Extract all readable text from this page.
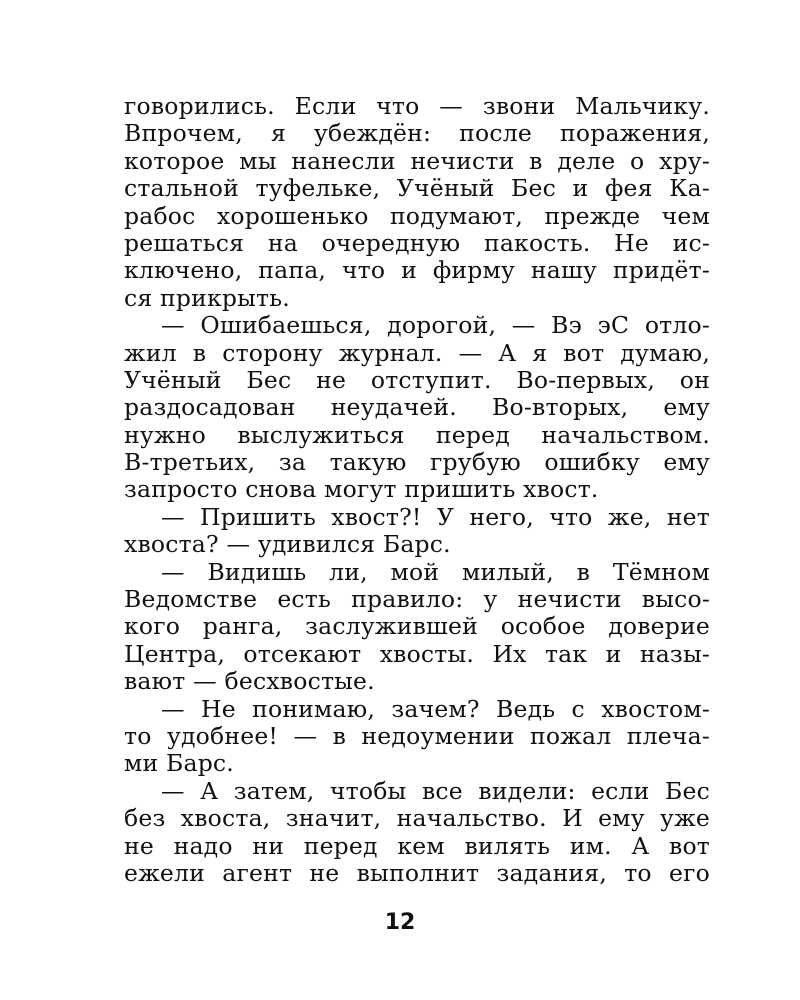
говорились. Если что — звони Мальчику.
Впрочем, я убеждён: после поражения,
которое мы нанесли нечисти в деле о хру-
стальной туфельке, Учёный Бес и фея Ка-
рабос хорошенько подумают, прежде чем
решаться на очередную пакость. Не ис-
ключено, папа, что и фирму нашу придёт-
ся прикрыть.
— Ошибаешься, дорогой, — Вэ эС отло-
жил в сторону журнал. — А я вот думаю,
Учёный Бес не отступит. Во-первых, он
раздосадован неудачей. Во-вторых, ему
нужно выслужиться перед начальством.
В-третьих, за такую грубую ошибку ему
запросто снова могут пришить хвост.
— Пришить хвост?! У него, что же, нет
хвоста? — удивился Барс.
— Видишь ли, мой милый, в Тёмном
Ведомстве есть правило: у нечисти высо-
кого ранга, заслужившей особое доверие
Центра, отсекают хвосты. Их так и назы-
вают — бесхвостые.
— Не понимаю, зачем? Ведь с хвостом-
то удобнее! — в недоумении пожал плеча-
ми Барс.
— А затем, чтобы все видели: если Бес
без хвоста, значит, начальство. И ему уже
не надо ни перед кем вилять им. А вот
ежели агент не выполнит задания, то его
12
